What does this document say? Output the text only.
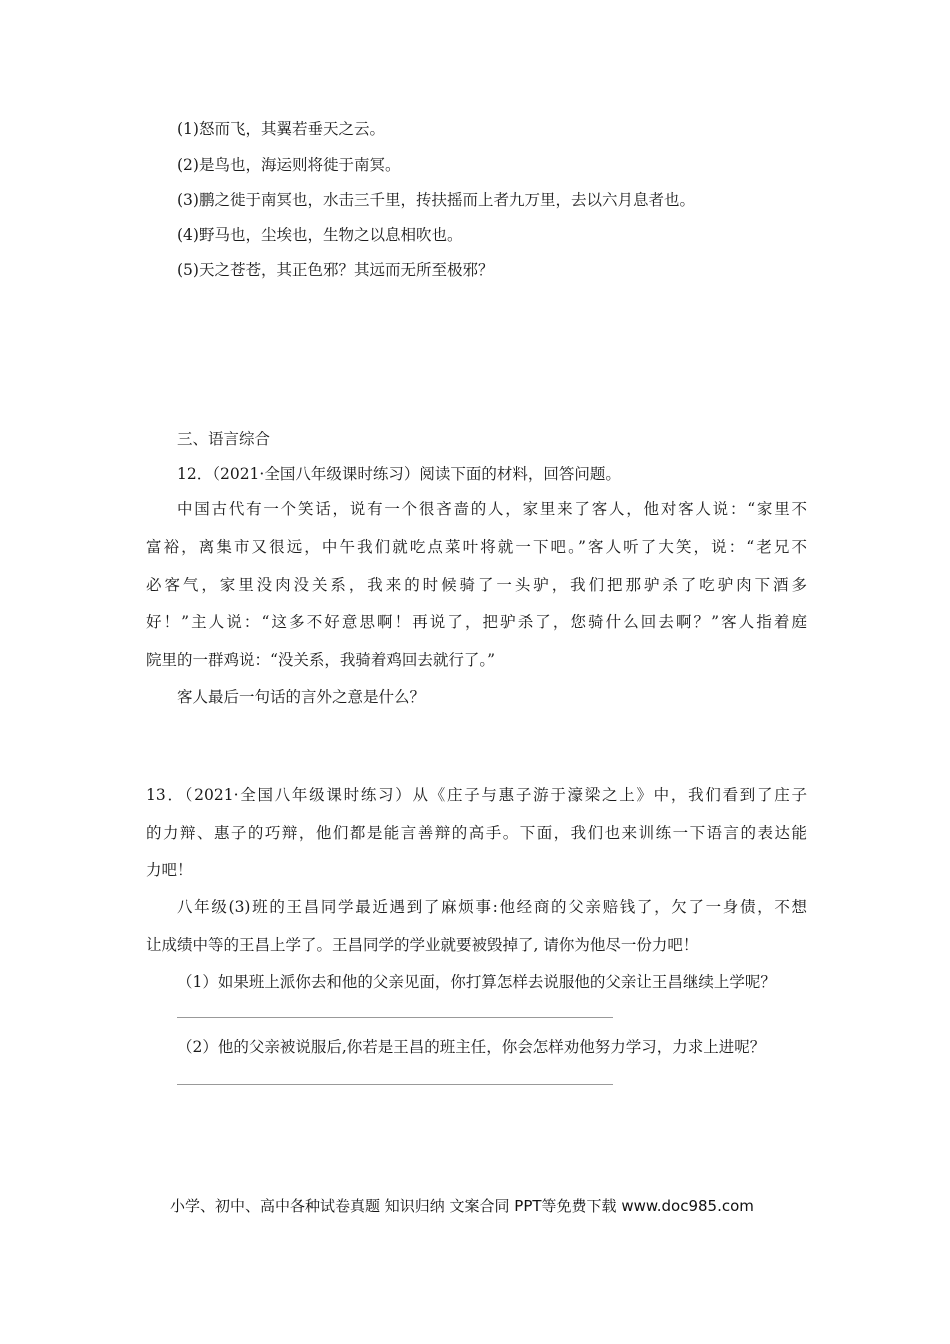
(1)怒而飞，其翼若垂天之云。

(2)是鸟也，海运则将徙于南冥。

(3)鹏之徙于南冥也，水击三千里，抟扶摇而上者九万里，去以六月息者也。

(4)野马也，尘埃也，生物之以息相吹也。

(5)天之苍苍，其正色邪？其远而无所至极邪？

三、语言综合

12．（2021·全国八年级课时练习）阅读下面的材料，回答问题。

中国古代有一个笑话，说有一个很吝啬的人，家里来了客人，他对客人说：“家里不

富裕，离集市又很远，中午我们就吃点菜叶将就一下吧。”客人听了大笑，说：“老兄不

必客气，家里没肉没关系，我来的时候骑了一头驴，我们把那驴杀了吃驴肉下酒多

好！”主人说：“这多不好意思啊！再说了，把驴杀了，您骑什么回去啊？”客人指着庭

院里的一群鸡说：“没关系，我骑着鸡回去就行了。”

客人最后一句话的言外之意是什么？

13．（2021·全国八年级课时练习）从《庄子与惠子游于濠梁之上》中，我们看到了庄子

的力辩、惠子的巧辩，他们都是能言善辩的高手。下面，我们也来训练一下语言的表达能

力吧！

八年级(3)班的王昌同学最近遇到了麻烦事:他经商的父亲赔钱了，欠了一身债，不想

让成绩中等的王昌上学了。王昌同学的学业就要被毁掉了, 请你为他尽一份力吧！

（1）如果班上派你去和他的父亲见面，你打算怎样去说服他的父亲让王昌继续上学呢？

（2）他的父亲被说服后,你若是王昌的班主任，你会怎样劝他努力学习，力求上进呢？

小学、初中、高中各种试卷真题 知识归纳 文案合同 PPT等免费下载 www.doc985.com
